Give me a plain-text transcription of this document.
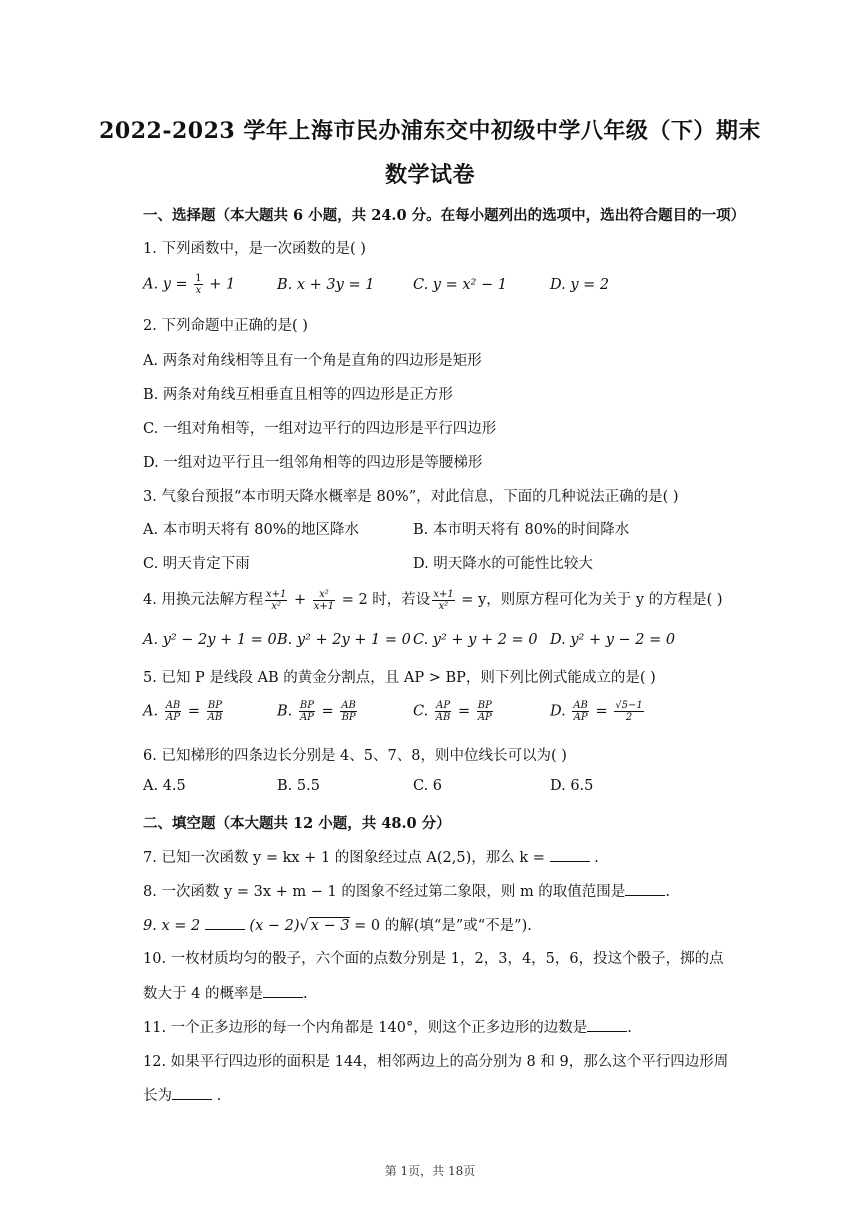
2022-2023 学年上海市民办浦东交中初级中学八年级（下）期末
数学试卷
一、选择题（本大题共 6 小题，共 24.0 分。在每小题列出的选项中，选出符合题目的一项）
1. 下列函数中，是一次函数的是( )
A. $y = \frac{1}{x} + 1$	B. x + 3y = 1	C. y = x² − 1	D. y = 2
2. 下列命题中正确的是( )
A. 两条对角线相等且有一个角是直角的四边形是矩形
B. 两条对角线互相垂直且相等的四边形是正方形
C. 一组对角相等，一组对边平行的四边形是平行四边形
D. 一组对边平行且一组邻角相等的四边形是等腰梯形
3. 气象台预报“本市明天降水概率是 80%”，对此信息，下面的几种说法正确的是( )
A. 本市明天将有 80%的地区降水	B. 本市明天将有 80%的时间降水
C. 明天肯定下雨	D. 明天降水的可能性比较大
4. 用换元法解方程 $\frac{x+1}{\text{x²}} + \frac{\text{x²}}{x+1} = 2$ 时，若设 $\frac{x+1}{\text{x²}} = y$，则原方程可化为关于 y 的方程是( )
A. y² − 2y + 1 = 0 B. y² + 2y + 1 = 0 C. y² + y + 2 = 0 D. y² + y − 2 = 0
5. 已知 P 是线段 AB 的黄金分割点，且 AP > BP，则下列比例式能成立的是( )
A. $\frac{AB}{AP} = \frac{BP}{AB}$	B. $\frac{BP}{AP} = \frac{AB}{BP}$	C. $\frac{AP}{AB} = \frac{BP}{AP}$	D. $\frac{AB}{AP} = \frac{√5-1}{2}$
6. 已知梯形的四条边长分别是 4、5、7、8，则中位线长可以为( )
A. 4.5	B. 5.5	C. 6	D. 6.5
二、填空题（本大题共 12 小题，共 48.0 分）
7. 已知一次函数 y = kx + 1 的图象经过点 A(2,5)，那么 k =	.
8. 一次函数 y = 3x + m − 1 的图象不经过第二象限，则 m 的取值范围是	.
9. x = 2	(x − 2)√ x − 3 = 0 的解(填“是”或“不是”).
10. 一枚材质均匀的骰子，六个面的点数分别是 1，2，3，4，5，6，投这个骰子，掷的点
数大于 4 的概率是	.
11. 一个正多边形的每一个内角都是 140°，则这个正多边形的边数是	.
12. 如果平行四边形的面积是 144，相邻两边上的高分别为 8 和 9，那么这个平行四边形周
长为	.
第 1页，共 18页
